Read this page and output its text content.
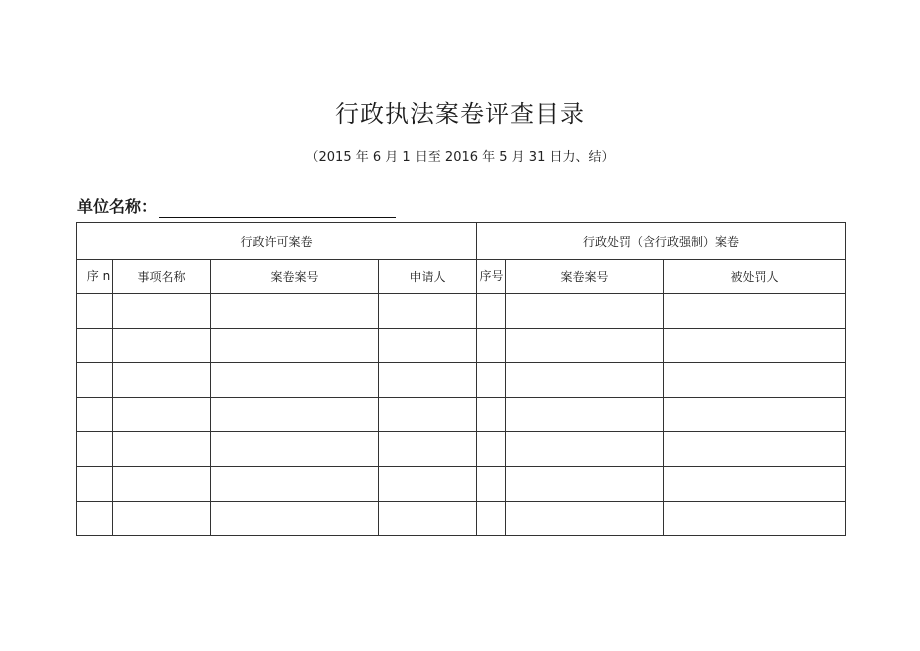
行政执法案卷评查目录
（2015 年 6 月 1 日至 2016 年 5 月 31 日力、结）
单位名称：
行政许可案卷				行政处罚（含行政强制）案卷		
序 n	事项名称	案卷案号	申请人	序号	案卷案号	被处罚人
